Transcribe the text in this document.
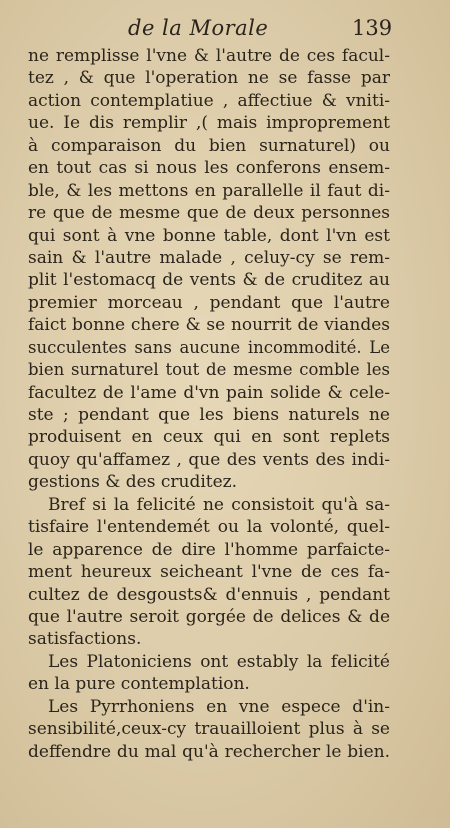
de la Morale	139
ne remplisse l'vne & l'autre de ces facul-
tez , & que l'operation ne se fasse par
action contemplatiue , affectiue & vniti-
ue. Ie dis remplir ,( mais improprement
à comparaison du bien surnaturel) ou
en tout cas si nous les conferons ensem-
ble, & les mettons en parallelle il faut di-
re que de mesme que de deux personnes
qui sont à vne bonne table, dont l'vn est
sain & l'autre malade , celuy-cy se rem-
plit l'estomacq de vents & de cruditez au
premier morceau , pendant que l'autre
faict bonne chere & se nourrit de viandes
succulentes sans aucune incommodité. Le
bien surnaturel tout de mesme comble les
facultez de l'ame d'vn pain solide & cele-
ste ; pendant que les biens naturels ne
produisent en ceux qui en sont replets
quoy qu'affamez , que des vents des indi-
gestions & des cruditez.
Bref si la felicité ne consistoit qu'à sa-
tisfaire l'entendemét ou la volonté, quel-
le apparence de dire l'homme parfaicte-
ment heureux seicheant l'vne de ces fa-
cultez de desgousts& d'ennuis , pendant
que l'autre seroit gorgée de delices & de
satisfactions.
Les Platoniciens ont estably la felicité
en la pure contemplation.
Les Pyrrhoniens en vne espece d'in-
sensibilité,ceux-cy trauailloient plus à se
deffendre du mal qu'à rechercher le bien.
